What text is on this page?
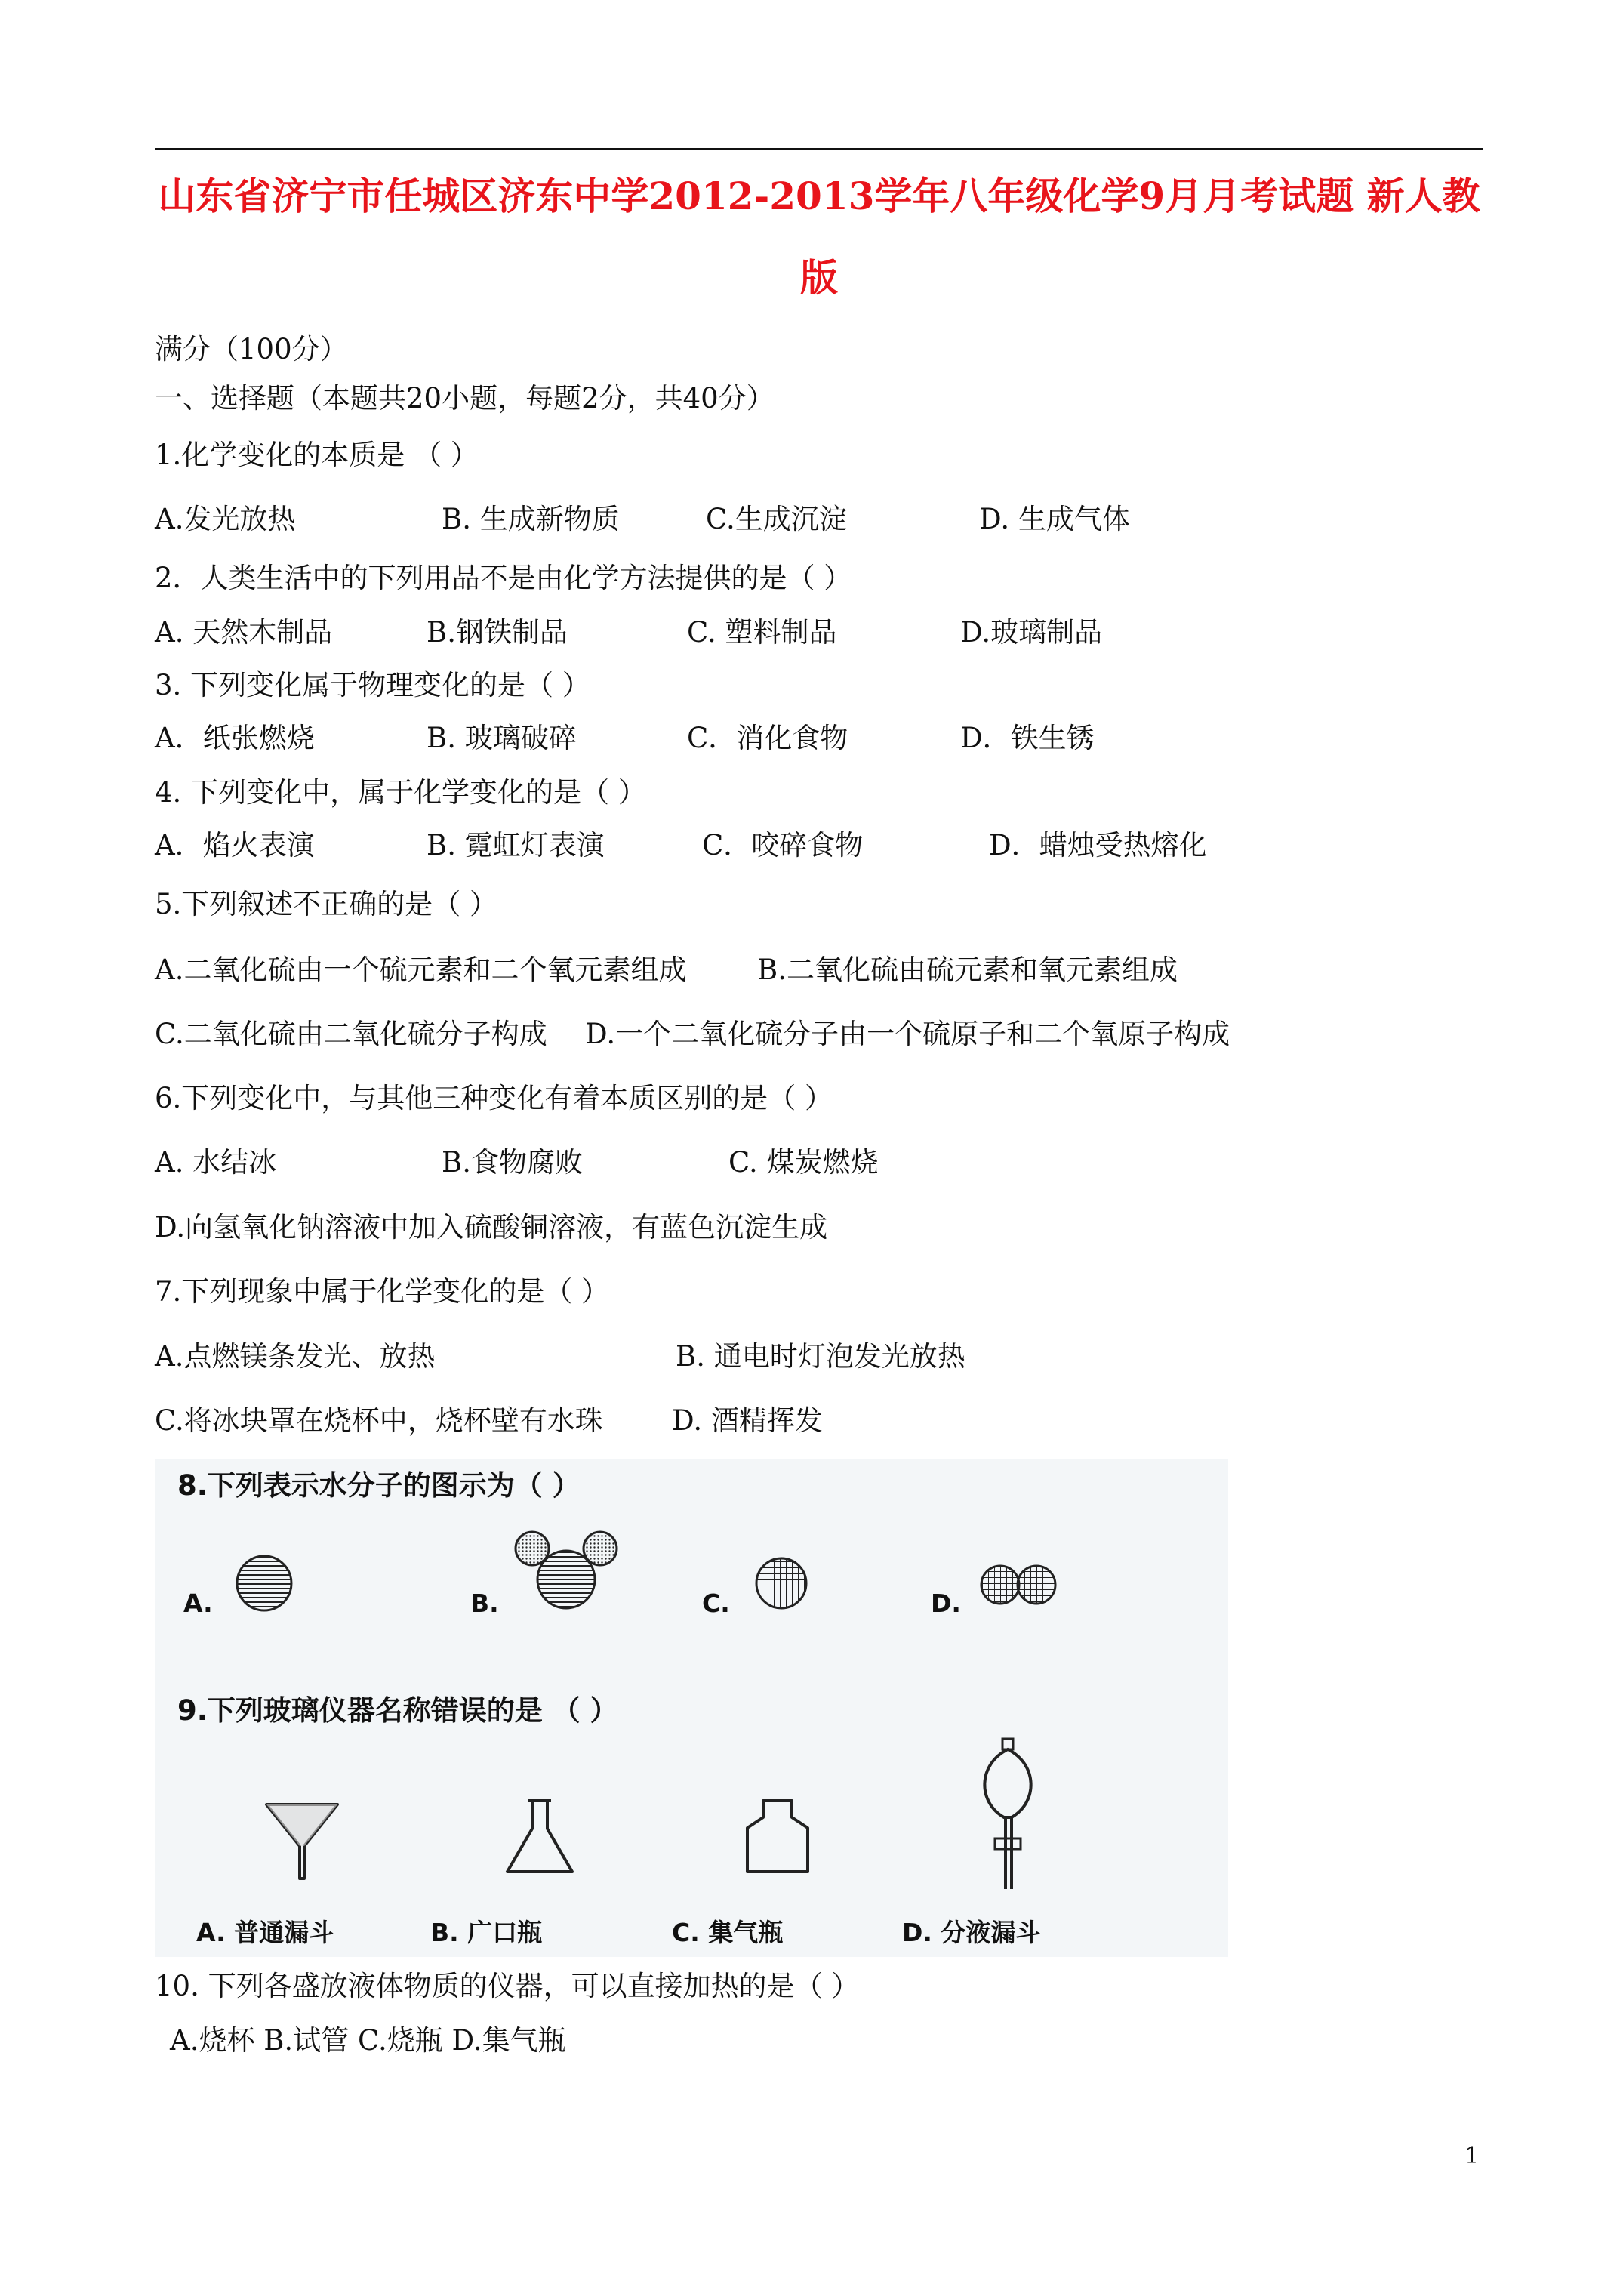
山东省济宁市任城区济东中学2012-2013学年八年级化学9月月考试题 新人教
版
满分（100分）
一、选择题（本题共20小题，每题2分，共40分）
1.化学变化的本质是 （ ）
A.发光放热	B. 生成新物质	C.生成沉淀	D. 生成气体
2．人类生活中的下列用品不是由化学方法提供的是（ ）
A. 天然木制品	B.钢铁制品	C. 塑料制品	D.玻璃制品
3. 下列变化属于物理变化的是（ ）
A．纸张燃烧	B. 玻璃破碎	C．消化食物	D．铁生锈
4. 下列变化中，属于化学变化的是（ ）
A．焰火表演	B. 霓虹灯表演	C．咬碎食物	D．蜡烛受热熔化
5.下列叙述不正确的是（ ）
A.二氧化硫由一个硫元素和二个氧元素组成	B.二氧化硫由硫元素和氧元素组成
C.二氧化硫由二氧化硫分子构成 D.一个二氧化硫分子由一个硫原子和二个氧原子构成
6.下列变化中，与其他三种变化有着本质区别的是（ ）
A. 水结冰	B.食物腐败	C. 煤炭燃烧
D.向氢氧化钠溶液中加入硫酸铜溶液，有蓝色沉淀生成
7.下列现象中属于化学变化的是（ ）
A.点燃镁条发光、放热	B. 通电时灯泡发光放热
C.将冰块罩在烧杯中，烧杯壁有水珠 D. 酒精挥发
8.下列表示水分子的图示为（ ）
A.	B.	C.	D.
9.下列玻璃仪器名称错误的是 （ ）
A. 普通漏斗	B. 广口瓶	C. 集气瓶	D. 分液漏斗
10. 下列各盛放液体物质的仪器，可以直接加热的是（ ）
A.烧杯 B.试管 C.烧瓶 D.集气瓶
1
